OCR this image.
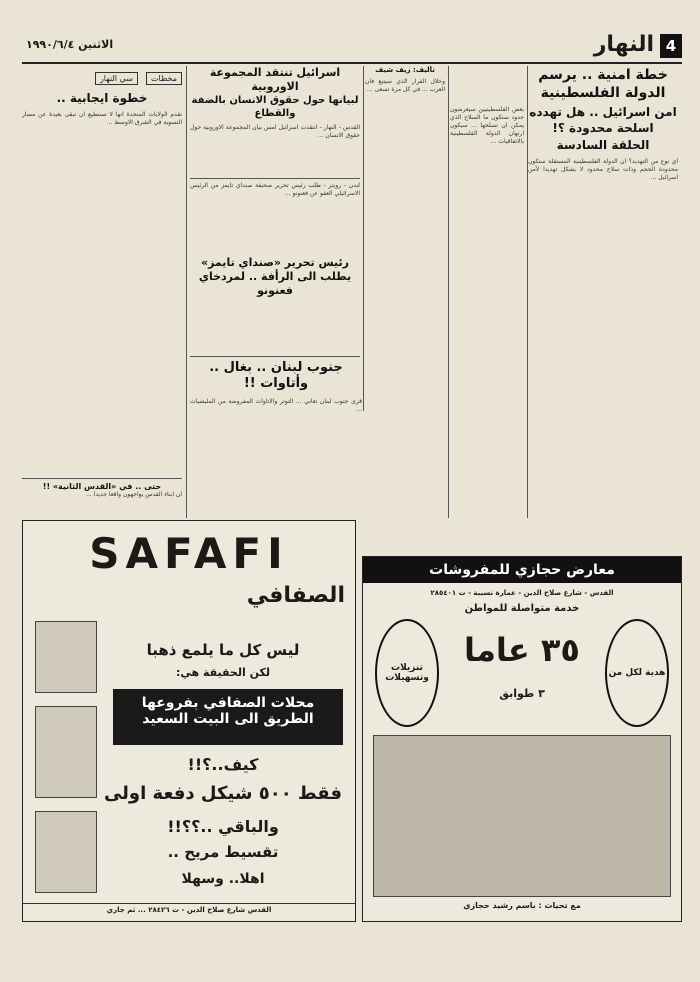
4
النهار
الاثنين ١٩٩٠/٦/٤
خطة امنية .. يرسم الدولة الفلسطينية
امن اسرائيل .. هل تهدده اسلحة محدودة ؟!
الحلقة السادسة
أي نوع من التهديد؟ ان الدولة الفلسطينية المستقلة ستكون محدودة الحجم وذات سلاح محدود لا يشكل تهديدا لأمن اسرائيل ...
بعض الفلسطينيين سيعرضون حدود ستكون ما السلاح الذي يمكن ان تسلحها ... سيكون ارتهان الدولة الفلسطينية بالاتفاقيات ...
تأليف: زيف شيف
وخلال القرار الذي سيتبع فان العرب ... في كل مرة تسعى ...
اسرائيل تنتقد المجموعة الاوروبية
لبيانها حول حقوق الانسان بالضفة والقطاع
القدس - النهار - انتقدت اسرائيل امس بيان المجموعة الاوروبية حول حقوق الانسان ...
لندن - رويتر - طلب رئيس تحرير صحيفة صنداي تايمز من الرئيس الاسرائيلي العفو عن فعنونو ...
رئيس تحرير «صنداي تايمز» يطلب الى الرأفة .. لمردخاي فعنونو
جنوب لبنان .. بغال .. وأتاوات !!
قرى جنوب لبنان تعاني ... التوتر والاتاوات المفروضة من المليشيات ...
مخطات سي النهار
خطوة ايجابية ..
تقدم الولايات المتحدة انها لا تستطيع ان تبقى بعيدة عن مسار التسوية في الشرق الاوسط ...
حتى .. في «القدس الثانية» !!
ان ابناء القدس يواجهون واقعا جديدا ...
SAFAFI
الصفافي
ليس كل ما يلمع ذهبا
لكن الحقيقة هي:
محلات الصفافي بفروعها
الطريق الى البيت السعيد
كيف..؟!!
فقط ٥٠٠ شيكل دفعة اولى
والباقي ..؟؟!!
تقسيط مريح ..
اهلا.. وسهلا
القدس شارع صلاح الدين - ت ٢٨٤٢٦ ... ثم جاري
معارض حجازي للمفروشات
القدس - شارع صلاح الدين - عمارة نسيبة - ت ٢٨٥٤٠١
خدمة متواصلة للمواطن
هدية لكل من
تنزيلات وتسهيلات
٣٥ عاما
٣ طوابق
مع تحيات : باسم رشيد حجازي
